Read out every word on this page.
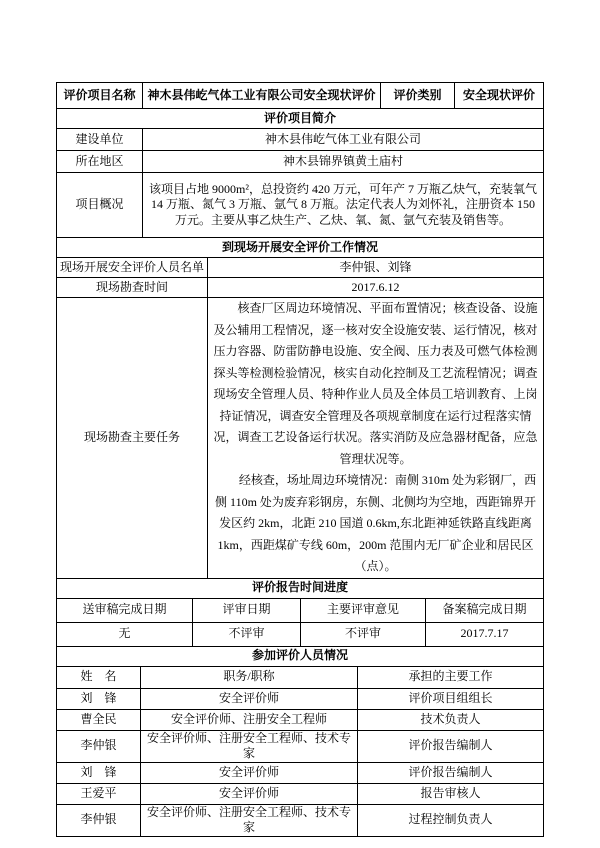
评价项目名称	神木县伟屹气体工业有限公司安全现状评价	评价类别	安全现状评价
评价项目简介	
建设单位	神木县伟屹气体工业有限公司
所在地区	神木县锦界镇黄土庙村
项目概况	该项目占地 9000m²，总投资约 420 万元，可年产 7 万瓶乙炔气，充装氧气 14 万瓶、氮气 3 万瓶、氩气 8 万瓶。法定代表人为刘怀礼，注册资本 150 万元。主要从事乙炔生产、乙炔、氧、氮、氩气充装及销售等。
到现场开展安全评价工作情况	
现场开展安全评价人员名单	李仲银、刘锋
现场勘查时间	2017.6.12
现场勘查主要任务	核查厂区周边环境情况、平面布置情况；核查设备、设施及公辅用工程情况，逐一核对安全设施安装、运行情况，核对压力容器、防雷防静电设施、安全阀、压力表及可燃气体检测探头等检测检验情况，核实自动化控制及工艺流程情况；调查现场安全管理人员、特种作业人员及全体员工培训教育、上岗持证情况，调查安全管理及各项规章制度在运行过程落实情况，调查工艺设备运行状况。落实消防及应急器材配备，应急管理状况等。

经核查，场址周边环境情况：南侧 310m 处为彩钢厂，西侧 110m 处为废弃彩钢房，东侧、北侧均为空地，西距锦界开发区约 2km，北距 210 国道 0.6km,东北距神延铁路直线距离 1km，西距煤矿专线 60m，200m 范围内无厂矿企业和居民区（点）。

评价报告时间进度			
送审稿完成日期	评审日期	主要评审意见	备案稿完成日期
无	不评审	不评审	2017.7.17
参加评价人员情况		
姓　名	职务/职称	承担的主要工作
刘　锋	安全评价师	评价项目组组长
曹全民	安全评价师、注册安全工程师	技术负责人
李仲银	安全评价师、注册安全工程师、技术专家	评价报告编制人
刘　锋	安全评价师	评价报告编制人
王爱平	安全评价师	报告审核人
李仲银	安全评价师、注册安全工程师、技术专家	过程控制负责人
